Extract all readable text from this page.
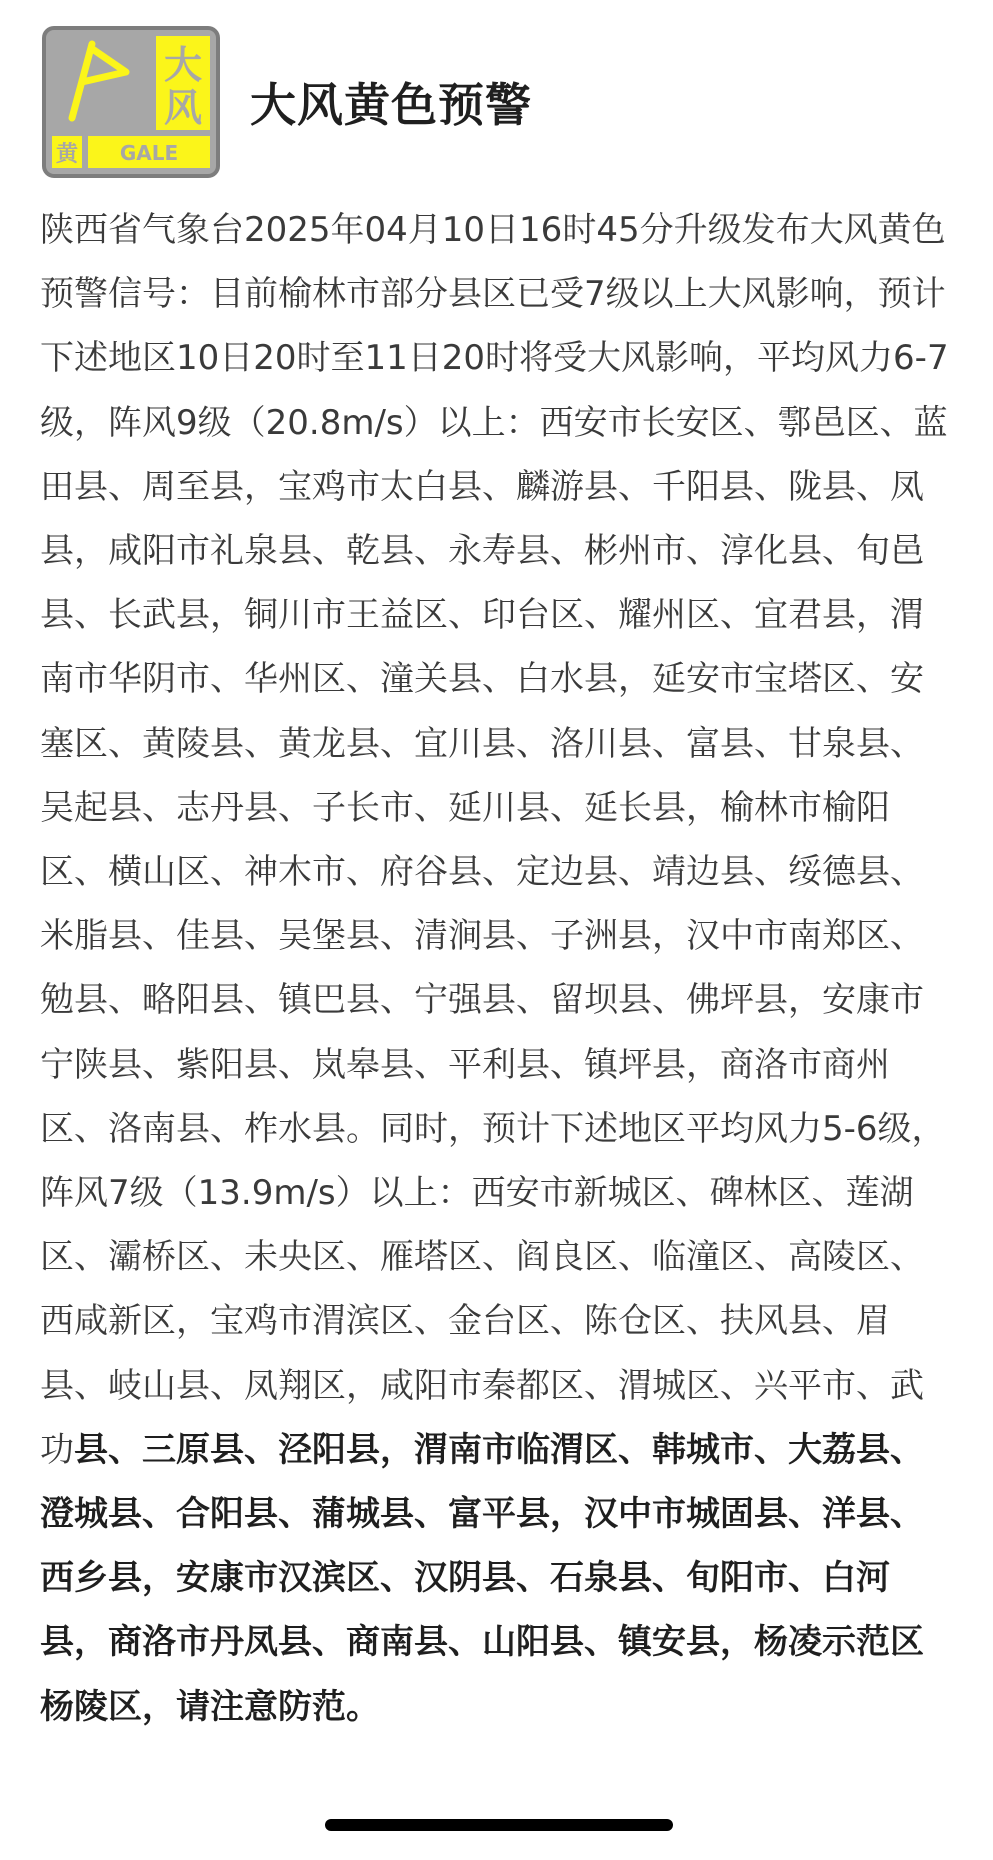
大
风
黄 GALE
大风黄色预警

陕西省气象台2025年04月10日16时45分升级发布大风黄色预警信号：目前榆林市部分县区已受7级以上大风影响，预计下述地区10日20时至11日20时将受大风影响，平均风力6-7级，阵风9级（20.8m/s）以上：西安市长安区、鄠邑区、蓝田县、周至县，宝鸡市太白县、麟游县、千阳县、陇县、凤县，咸阳市礼泉县、乾县、永寿县、彬州市、淳化县、旬邑县、长武县，铜川市王益区、印台区、耀州区、宜君县，渭南市华阴市、华州区、潼关县、白水县，延安市宝塔区、安塞区、黄陵县、黄龙县、宜川县、洛川县、富县、甘泉县、吴起县、志丹县、子长市、延川县、延长县，榆林市榆阳区、横山区、神木市、府谷县、定边县、靖边县、绥德县、米脂县、佳县、吴堡县、清涧县、子洲县，汉中市南郑区、勉县、略阳县、镇巴县、宁强县、留坝县、佛坪县，安康市宁陕县、紫阳县、岚皋县、平利县、镇坪县，商洛市商州区、洛南县、柞水县。同时，预计下述地区平均风力5-6级，阵风7级（13.9m/s）以上：西安市新城区、碑林区、莲湖区、灞桥区、未央区、雁塔区、阎良区、临潼区、高陵区、西咸新区，宝鸡市渭滨区、金台区、陈仓区、扶风县、眉县、岐山县、凤翔区，咸阳市秦都区、渭城区、兴平市、武功县、三原县、泾阳县，渭南市临渭区、韩城市、大荔县、澄城县、合阳县、蒲城县、富平县，汉中市城固县、洋县、西乡县，安康市汉滨区、汉阴县、石泉县、旬阳市、白河县，商洛市丹凤县、商南县、山阳县、镇安县，杨凌示范区杨陵区，请注意防范。
